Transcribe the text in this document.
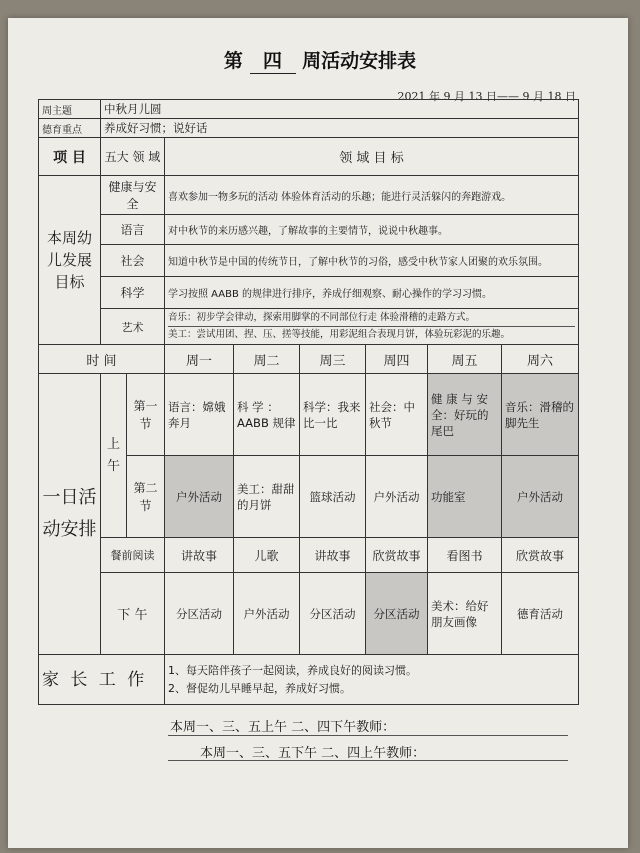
第 四 周活动安排表
2021 年 9 月 13 日—— 9 月 18 日
周主题	中秋月儿圆							
德育重点	养成好习惯；说好话							
项 目	五大 领 域		领 域 目 标					
本周幼儿发展目标	健康与安全		喜欢参加一物多玩的活动 体验体育活动的乐趣；能进行灵活躲闪的奔跑游戏。					
	语言		对中秋节的来历感兴趣，了解故事的主要情节，说说中秋趣事。					
	社会		知道中秋节是中国的传统节日，了解中秋节的习俗，感受中秋节家人团聚的欢乐氛围。					
	科学		学习按照 AABB 的规律进行排序，养成仔细观察、耐心操作的学习习惯。					
	艺术		音乐：初步学会律动，探索用脚掌的不同部位行走 体验滑稽的走路方式。
美工：尝试用团、捏、压、搓等技能，用彩泥组合表现月饼，体验玩彩泥的乐趣。					

时 间			周一	周二	周三	周四	周五	周六
一日活动安排	上午	第一节	语言：嫦娥奔月	科 学 ：AABB 规律	科学：我来比一比	社会：中秋节	健 康 与 安全：好玩的尾巴	音乐：滑稽的脚先生
		第二节	户外活动	美工：甜甜的月饼	篮球活动	户外活动	功能室	户外活动
	餐前阅读		讲故事	儿歌	讲故事	欣赏故事	看图书	欣赏故事
	下 午		分区活动	户外活动	分区活动	分区活动	美术：给好朋友画像	德育活动
家 长 工 作			1、每天陪伴孩子一起阅读，养成良好的阅读习惯。
2、督促幼儿早睡早起，养成好习惯。					
本周一、三、五上午 二、四下午教师：
本周一、三、五下午 二、四上午教师：
